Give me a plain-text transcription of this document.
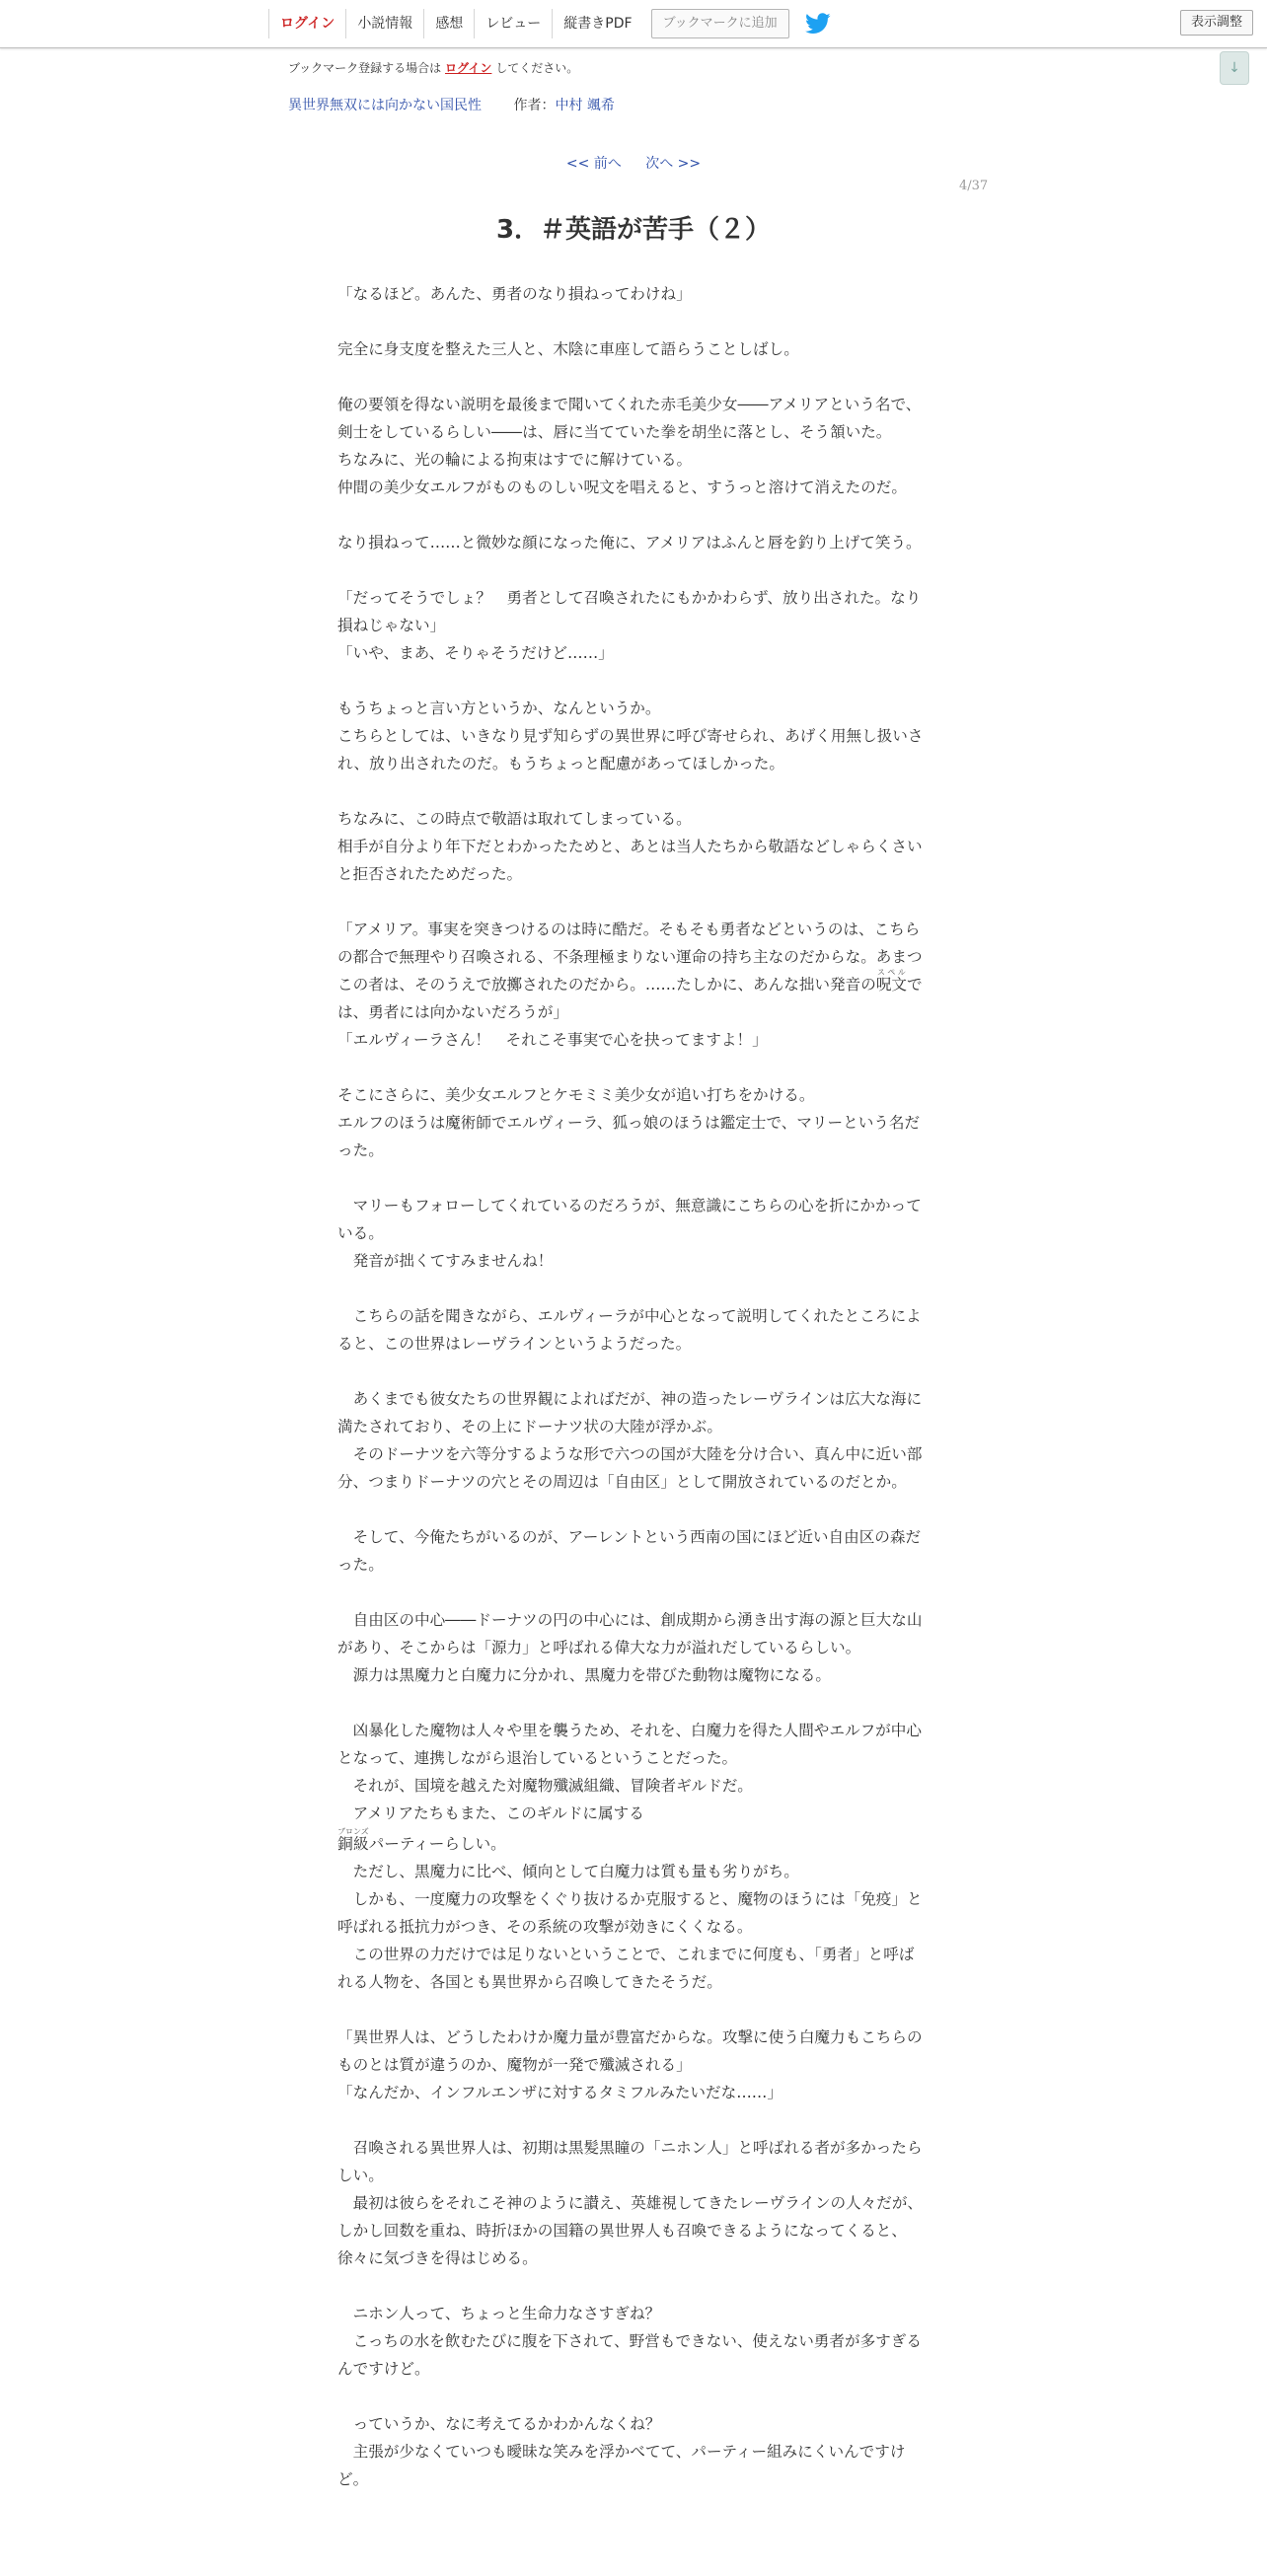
ログイン	小説情報	感想	レビュー	縦書きPDF	ブックマークに追加	表示調整
↓
ブックマーク登録する場合は ログイン してください。
異世界無双には向かない国民性 作者：中村 颯希
<< 前へ 次へ >>
4/37
3．＃英語が苦手（２）

「なるほど。あんた、勇者のなり損ねってわけね」

完全に身支度を整えた三人と、木陰に車座して語らうことしばし。

俺の要領を得ない説明を最後まで聞いてくれた赤毛美少女――アメリアという名で、剣士をしているらしい――は、唇に当てていた拳を胡坐に落とし、そう頷いた。

ちなみに、光の輪による拘束はすでに解けている。

仲間の美少女エルフがものものしい呪文を唱えると、すうっと溶けて消えたのだ。

なり損ねって……と微妙な顔になった俺に、アメリアはふんと唇を釣り上げて笑う。

「だってそうでしょ？　勇者として召喚されたにもかかわらず、放り出された。なり損ねじゃない」

「いや、まあ、そりゃそうだけど……」

もうちょっと言い方というか、なんというか。

こちらとしては、いきなり見ず知らずの異世界に呼び寄せられ、あげく用無し扱いされ、放り出されたのだ。もうちょっと配慮があってほしかった。

ちなみに、この時点で敬語は取れてしまっている。

相手が自分より年下だとわかったためと、あとは当人たちから敬語などしゃらくさいと拒否されたためだった。

「アメリア。事実を突きつけるのは時に酷だ。そもそも勇者などというのは、こちらの都合で無理やり召喚される、不条理極まりない運命の持ち主なのだからな。あまつこの者は、そのうえで放擲されたのだから。……たしかに、あんな拙い発音の呪文スペルでは、勇者には向かないだろうが」

「エルヴィーラさん！　それこそ事実で心を抉ってますよ！」

そこにさらに、美少女エルフとケモミミ美少女が追い打ちをかける。

エルフのほうは魔術師でエルヴィーラ、狐っ娘のほうは鑑定士で、マリーという名だった。

　マリーもフォローしてくれているのだろうが、無意識にこちらの心を折にかかっている。

　発音が拙くてすみませんね！

　こちらの話を聞きながら、エルヴィーラが中心となって説明してくれたところによると、この世界はレーヴラインというようだった。

　あくまでも彼女たちの世界観によればだが、神の造ったレーヴラインは広大な海に満たされており、その上にドーナツ状の大陸が浮かぶ。

　そのドーナツを六等分するような形で六つの国が大陸を分け合い、真ん中に近い部分、つまりドーナツの穴とその周辺は「自由区」として開放されているのだとか。

　そして、今俺たちがいるのが、アーレントという西南の国にほど近い自由区の森だった。

　自由区の中心――ドーナツの円の中心には、創成期から湧き出す海の源と巨大な山があり、そこからは「源力」と呼ばれる偉大な力が溢れだしているらしい。

　源力は黒魔力と白魔力に分かれ、黒魔力を帯びた動物は魔物になる。

　凶暴化した魔物は人々や里を襲うため、それを、白魔力を得た人間やエルフが中心となって、連携しながら退治しているということだった。

　それが、国境を越えた対魔物殲滅組織、冒険者ギルドだ。

　アメリアたちもまた、このギルドに属する

銅級ブロンズパーティーらしい。

　ただし、黒魔力に比べ、傾向として白魔力は質も量も劣りがち。

　しかも、一度魔力の攻撃をくぐり抜けるか克服すると、魔物のほうには「免疫」と呼ばれる抵抗力がつき、その系統の攻撃が効きにくくなる。

　この世界の力だけでは足りないということで、これまでに何度も、「勇者」と呼ばれる人物を、各国とも異世界から召喚してきたそうだ。

「異世界人は、どうしたわけか魔力量が豊富だからな。攻撃に使う白魔力もこちらのものとは質が違うのか、魔物が一発で殲滅される」

「なんだか、インフルエンザに対するタミフルみたいだな……」

　召喚される異世界人は、初期は黒髪黒瞳の「ニホン人」と呼ばれる者が多かったらしい。

　最初は彼らをそれこそ神のように讃え、英雄視してきたレーヴラインの人々だが、しかし回数を重ね、時折ほかの国籍の異世界人も召喚できるようになってくると、徐々に気づきを得はじめる。

　ニホン人って、ちょっと生命力なさすぎね？

　こっちの水を飲むたびに腹を下されて、野営もできない、使えない勇者が多すぎるんですけど。

　っていうか、なに考えてるかわかんなくね？

　主張が少なくていつも曖昧な笑みを浮かべてて、パーティー組みにくいんですけど。
